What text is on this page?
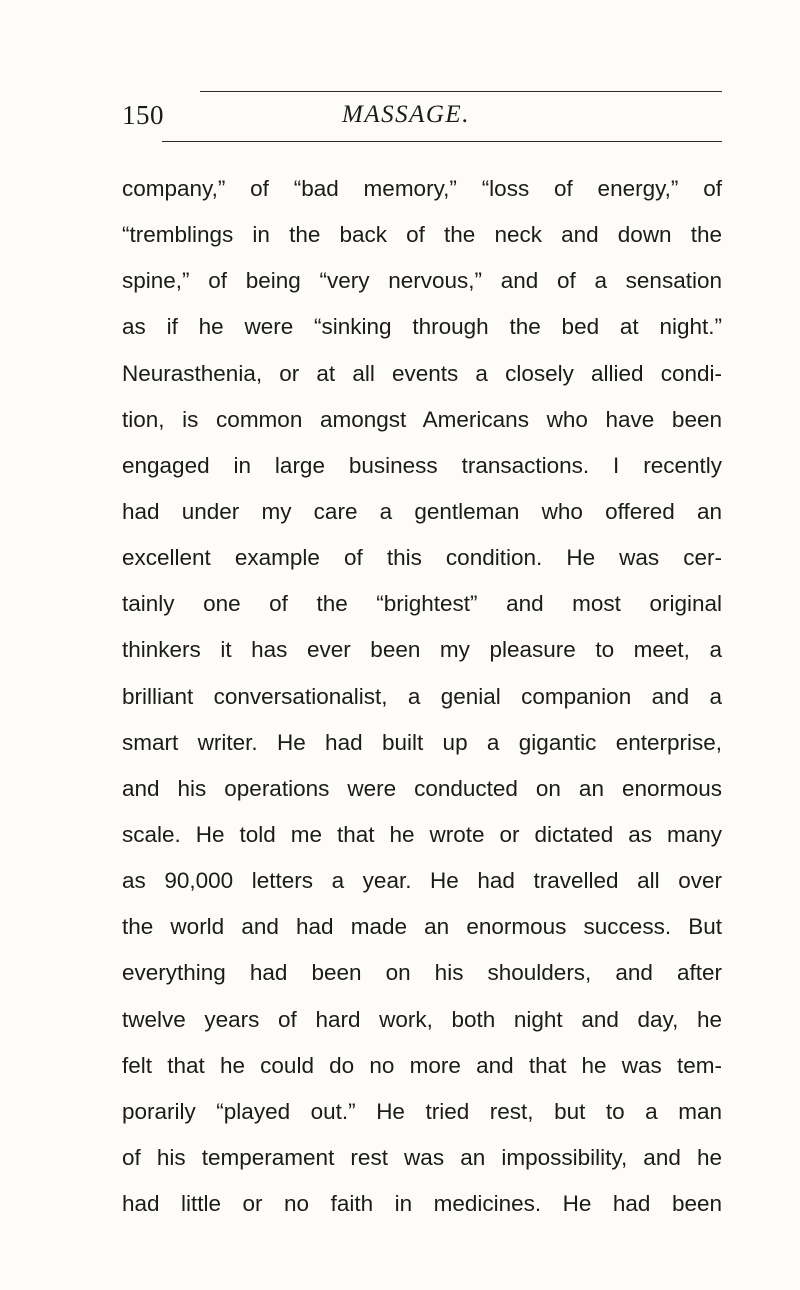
150	MASSAGE.
company,” of “bad memory,” “loss of energy,” of
“tremblings in the back of the neck and down the
spine,” of being “very nervous,” and of a sensation
as if he were “sinking through the bed at night.”
Neurasthenia, or at all events a closely allied condi-
tion, is common amongst Americans who have been
engaged in large business transactions. I recently
had under my care a gentleman who offered an
excellent example of this condition. He was cer-
tainly one of the “brightest” and most original
thinkers it has ever been my pleasure to meet, a
brilliant conversationalist, a genial companion and a
smart writer. He had built up a gigantic enterprise,
and his operations were conducted on an enormous
scale. He told me that he wrote or dictated as many
as 90,000 letters a year. He had travelled all over
the world and had made an enormous success. But
everything had been on his shoulders, and after
twelve years of hard work, both night and day, he
felt that he could do no more and that he was tem-
porarily “played out.” He tried rest, but to a man
of his temperament rest was an impossibility, and he
had little or no faith in medicines. He had been
